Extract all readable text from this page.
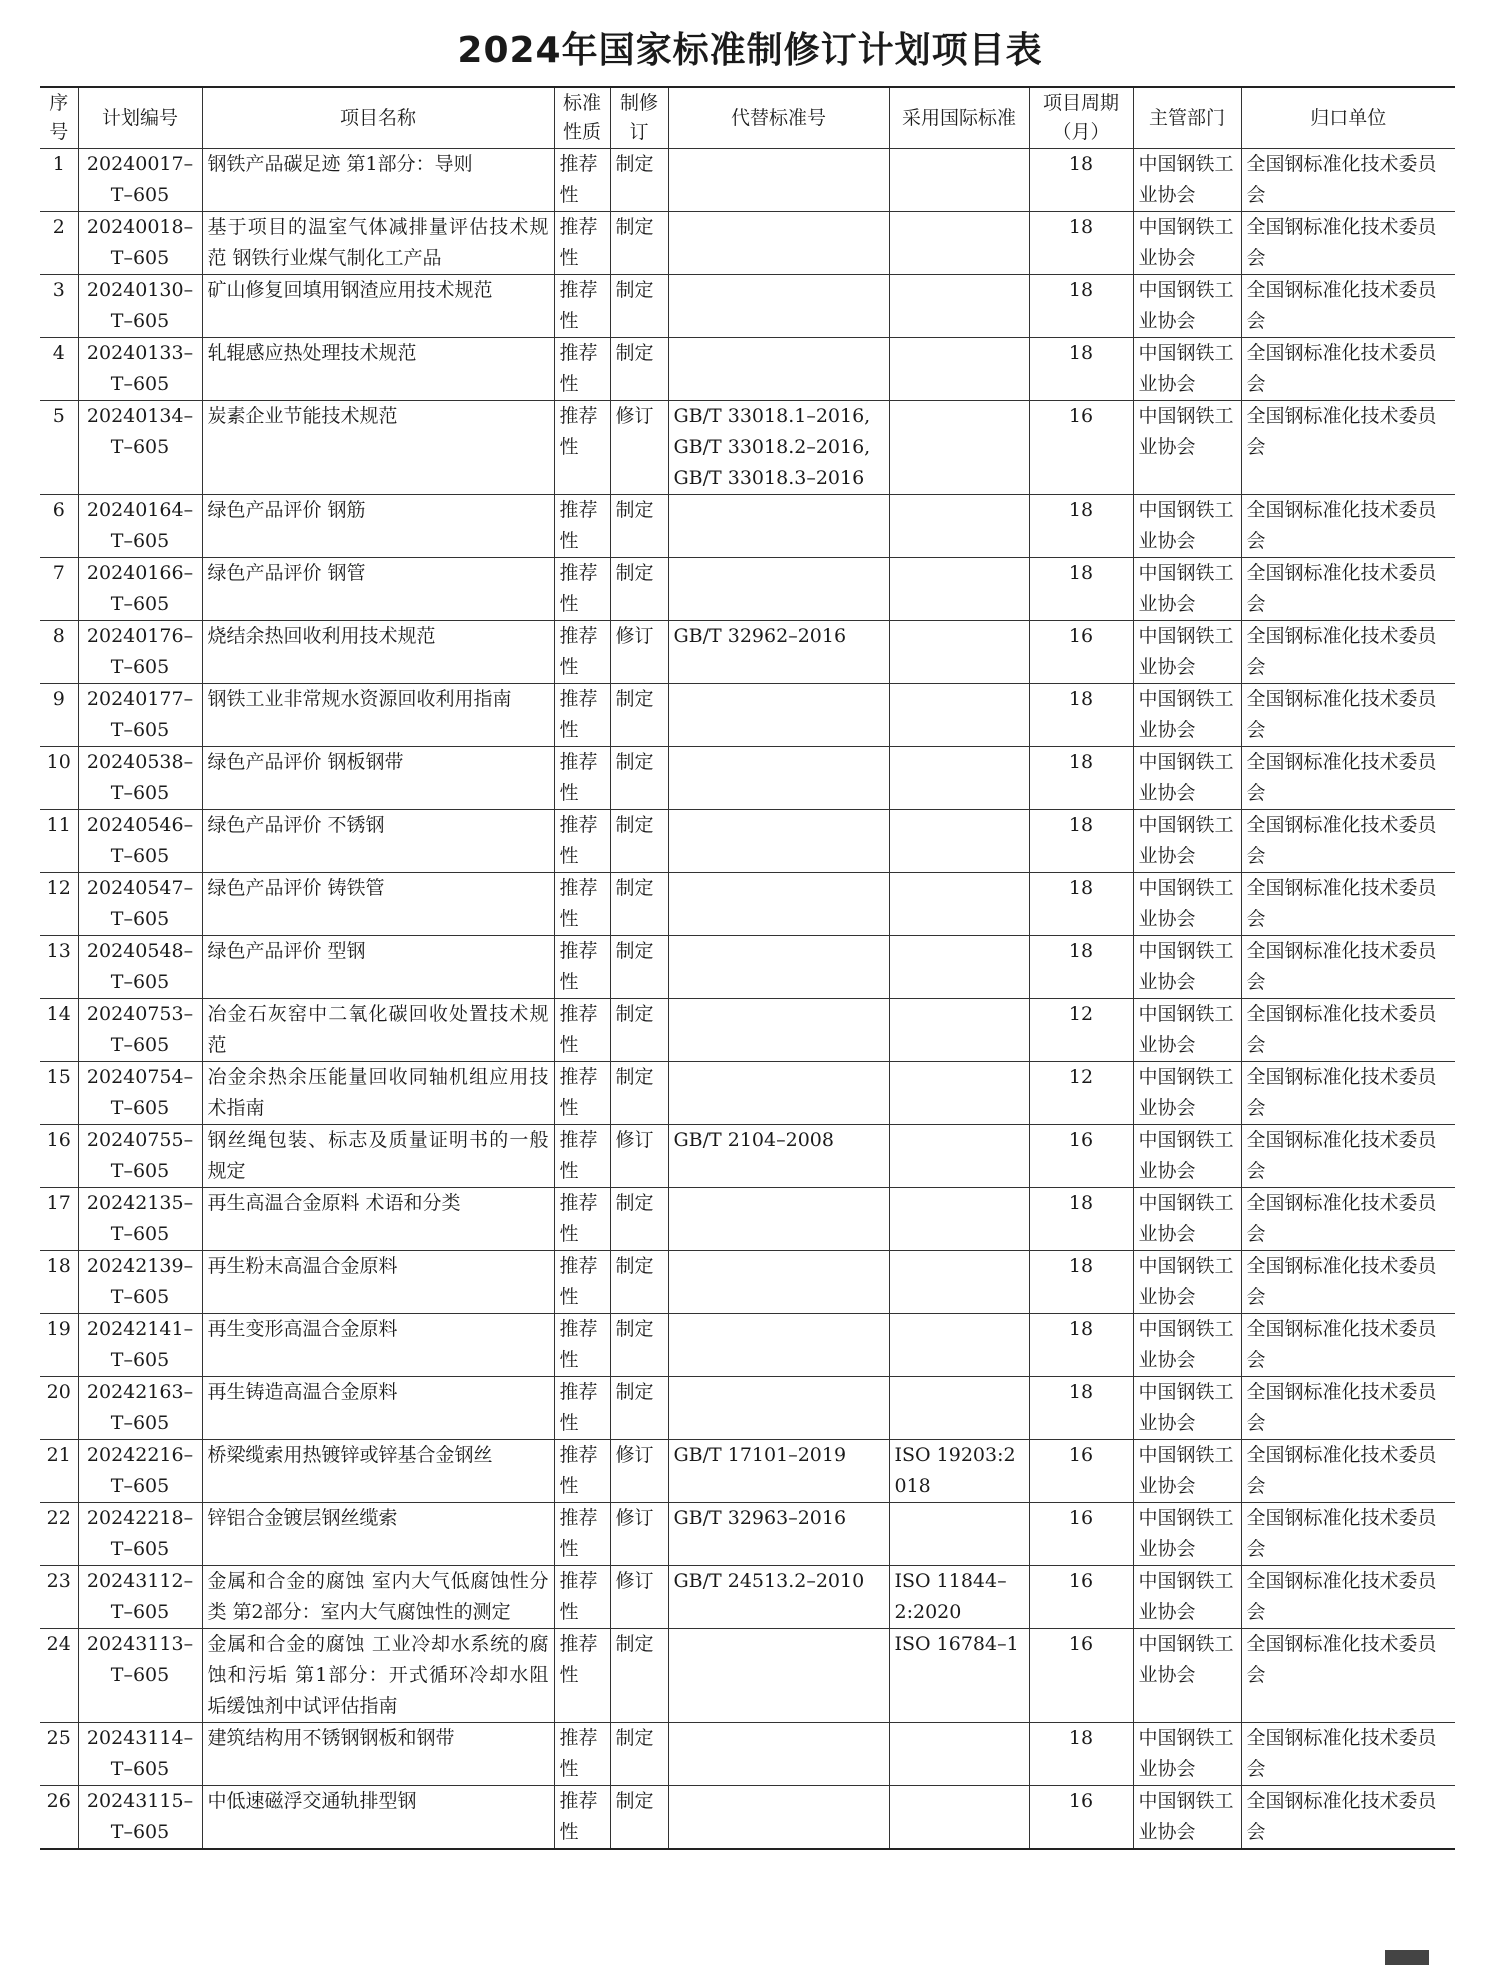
2024年国家标准制修订计划项目表
序号	计划编号	项目名称	标准性质	制修订	代替标准号	采用国际标准	项目周期（月）	主管部门	归口单位
1	20240017–T–605	钢铁产品碳足迹 第1部分：导则	推荐性	制定			18	中国钢铁工业协会	全国钢标准化技术委员会
2	20240018–T–605	基于项目的温室气体减排量评估技术规范 钢铁行业煤气制化工产品	推荐性	制定			18	中国钢铁工业协会	全国钢标准化技术委员会
3	20240130–T–605	矿山修复回填用钢渣应用技术规范	推荐性	制定			18	中国钢铁工业协会	全国钢标准化技术委员会
4	20240133–T–605	轧辊感应热处理技术规范	推荐性	制定			18	中国钢铁工业协会	全国钢标准化技术委员会
5	20240134–T–605	炭素企业节能技术规范	推荐性	修订	GB/T 33018.1–2016, GB/T 33018.2–2016, GB/T 33018.3–2016		16	中国钢铁工业协会	全国钢标准化技术委员会
6	20240164–T–605	绿色产品评价 钢筋	推荐性	制定			18	中国钢铁工业协会	全国钢标准化技术委员会
7	20240166–T–605	绿色产品评价 钢管	推荐性	制定			18	中国钢铁工业协会	全国钢标准化技术委员会
8	20240176–T–605	烧结余热回收利用技术规范	推荐性	修订	GB/T 32962–2016		16	中国钢铁工业协会	全国钢标准化技术委员会
9	20240177–T–605	钢铁工业非常规水资源回收利用指南	推荐性	制定			18	中国钢铁工业协会	全国钢标准化技术委员会
10	20240538–T–605	绿色产品评价 钢板钢带	推荐性	制定			18	中国钢铁工业协会	全国钢标准化技术委员会
11	20240546–T–605	绿色产品评价 不锈钢	推荐性	制定			18	中国钢铁工业协会	全国钢标准化技术委员会
12	20240547–T–605	绿色产品评价 铸铁管	推荐性	制定			18	中国钢铁工业协会	全国钢标准化技术委员会
13	20240548–T–605	绿色产品评价 型钢	推荐性	制定			18	中国钢铁工业协会	全国钢标准化技术委员会
14	20240753–T–605	冶金石灰窑中二氧化碳回收处置技术规范	推荐性	制定			12	中国钢铁工业协会	全国钢标准化技术委员会
15	20240754–T–605	冶金余热余压能量回收同轴机组应用技术指南	推荐性	制定			12	中国钢铁工业协会	全国钢标准化技术委员会
16	20240755–T–605	钢丝绳包装、标志及质量证明书的一般规定	推荐性	修订	GB/T 2104–2008		16	中国钢铁工业协会	全国钢标准化技术委员会
17	20242135–T–605	再生高温合金原料 术语和分类	推荐性	制定			18	中国钢铁工业协会	全国钢标准化技术委员会
18	20242139–T–605	再生粉末高温合金原料	推荐性	制定			18	中国钢铁工业协会	全国钢标准化技术委员会
19	20242141–T–605	再生变形高温合金原料	推荐性	制定			18	中国钢铁工业协会	全国钢标准化技术委员会
20	20242163–T–605	再生铸造高温合金原料	推荐性	制定			18	中国钢铁工业协会	全国钢标准化技术委员会
21	20242216–T–605	桥梁缆索用热镀锌或锌基合金钢丝	推荐性	修订	GB/T 17101–2019	ISO 19203:2018	16	中国钢铁工业协会	全国钢标准化技术委员会
22	20242218–T–605	锌铝合金镀层钢丝缆索	推荐性	修订	GB/T 32963–2016		16	中国钢铁工业协会	全国钢标准化技术委员会
23	20243112–T–605	金属和合金的腐蚀 室内大气低腐蚀性分类 第2部分：室内大气腐蚀性的测定	推荐性	修订	GB/T 24513.2–2010	ISO 11844–2:2020	16	中国钢铁工业协会	全国钢标准化技术委员会
24	20243113–T–605	金属和合金的腐蚀 工业冷却水系统的腐蚀和污垢 第1部分：开式循环冷却水阻垢缓蚀剂中试评估指南	推荐性	制定		ISO 16784–1	16	中国钢铁工业协会	全国钢标准化技术委员会
25	20243114–T–605	建筑结构用不锈钢钢板和钢带	推荐性	制定			18	中国钢铁工业协会	全国钢标准化技术委员会
26	20243115–T–605	中低速磁浮交通轨排型钢	推荐性	制定			16	中国钢铁工业协会	全国钢标准化技术委员会
